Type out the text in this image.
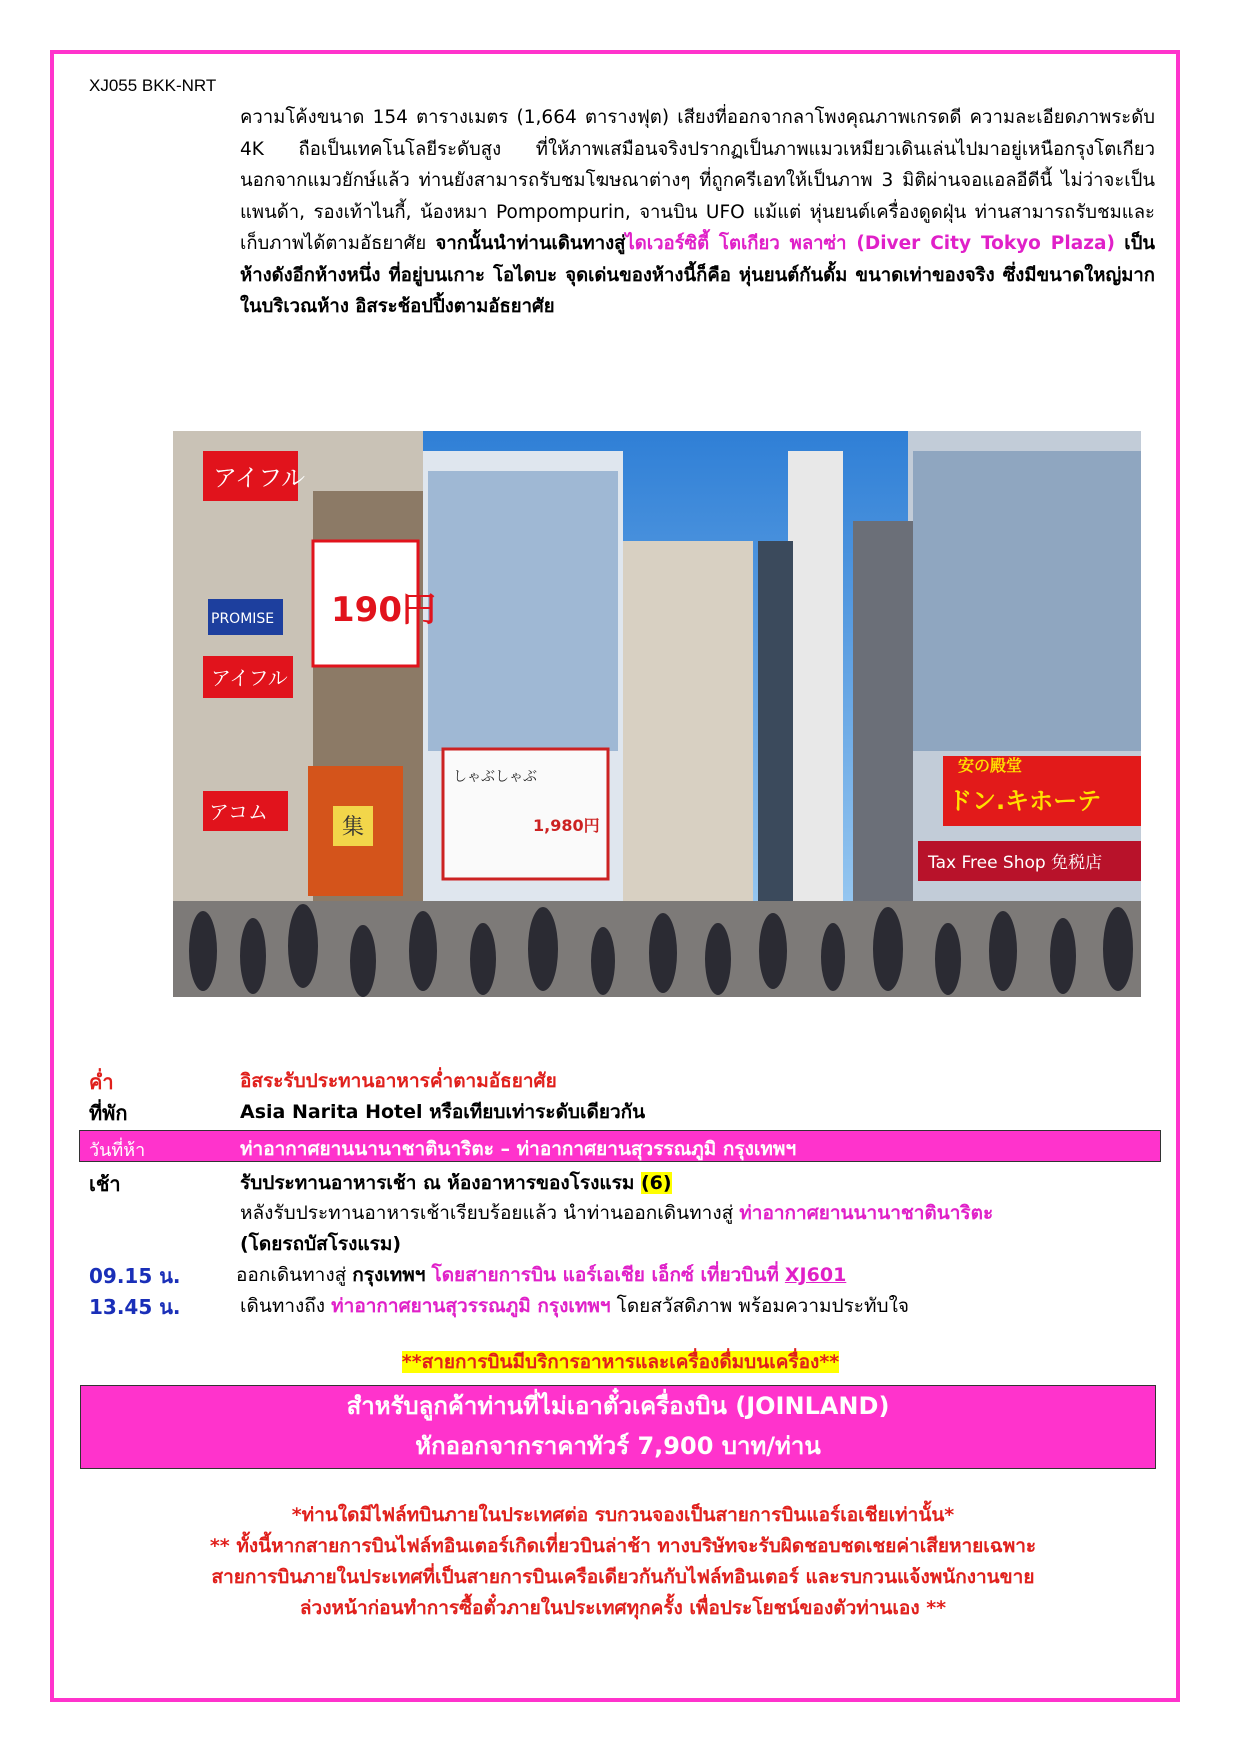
XJ055 BKK-NRT
ความโค้งขนาด 154 ตารางเมตร (1,664 ตารางฟุต) เสียงที่ออกจากลาโพงคุณภาพเกรดดี ความละเอียดภาพระดับ 4K ถือเป็นเทคโนโลยีระดับสูง ที่ให้ภาพเสมือนจริงปรากฏเป็นภาพแมวเหมียวเดินเล่นไปมาอยู่เหนือกรุงโตเกียว นอกจากแมวยักษ์แล้ว ท่านยังสามารถรับชมโฆษณาต่างๆ ที่ถูกครีเอทให้เป็นภาพ 3 มิติผ่านจอแอลอีดีนี้ ไม่ว่าจะเป็น แพนด้า, รองเท้าไนกี้, น้องหมา Pompompurin, จานบิน UFO แม้แต่ หุ่นยนต์เครื่องดูดฝุ่น ท่านสามารถรับชมและเก็บภาพได้ตามอัธยาศัย จากนั้นนำท่านเดินทางสู่ไดเวอร์ซิตี้ โตเกียว พลาซ่า (Diver City Tokyo Plaza) เป็นห้างดังอีกห้างหนึ่ง ที่อยู่บนเกาะ โอไดบะ จุดเด่นของห้างนี้ก็คือ หุ่นยนต์กันดั้ม ขนาดเท่าของจริง ซึ่งมีขนาดใหญ่มาก ในบริเวณห้าง อิสระช้อปปิ้งตามอัธยาศัย
アイフル
190円
PROMISE
アイフル
アコム
集
しゃぶしゃぶ
1,980円
安の殿堂
ドン.キホーテ
Tax Free Shop 免税店
ค่ำ	อิสระรับประทานอาหารค่ำตามอัธยาศัย
ที่พัก	Asia Narita Hotel หรือเทียบเท่าระดับเดียวกัน
วันที่ห้า	ท่าอากาศยานนานาชาตินาริตะ – ท่าอากาศยานสุวรรณภูมิ กรุงเทพฯ
เช้า	รับประทานอาหารเช้า ณ ห้องอาหารของโรงแรม (6)
หลังรับประทานอาหารเช้าเรียบร้อยแล้ว นำท่านออกเดินทางสู่ ท่าอากาศยานนานาชาตินาริตะ
(โดยรถบัสโรงแรม)
09.15 น.	ออกเดินทางสู่ กรุงเทพฯ โดยสายการบิน แอร์เอเชีย เอ็กซ์ เที่ยวบินที่ XJ601
13.45 น.	เดินทางถึง ท่าอากาศยานสุวรรณภูมิ กรุงเทพฯ โดยสวัสดิภาพ พร้อมความประทับใจ
**สายการบินมีบริการอาหารและเครื่องดื่มบนเครื่อง**
สำหรับลูกค้าท่านที่ไม่เอาตั๋วเครื่องบิน (JOINLAND)
หักออกจากราคาทัวร์ 7,900 บาท/ท่าน
*ท่านใดมีไฟล์ทบินภายในประเทศต่อ รบกวนจองเป็นสายการบินแอร์เอเชียเท่านั้น*
** ทั้งนี้หากสายการบินไฟล์ทอินเตอร์เกิดเที่ยวบินล่าช้า ทางบริษัทจะรับผิดชอบชดเชยค่าเสียหายเฉพาะ
สายการบินภายในประเทศที่เป็นสายการบินเครือเดียวกันกับไฟล์ทอินเตอร์ และรบกวนแจ้งพนักงานขาย
ล่วงหน้าก่อนทำการซื้อตั๋วภายในประเทศทุกครั้ง เพื่อประโยชน์ของตัวท่านเอง **
